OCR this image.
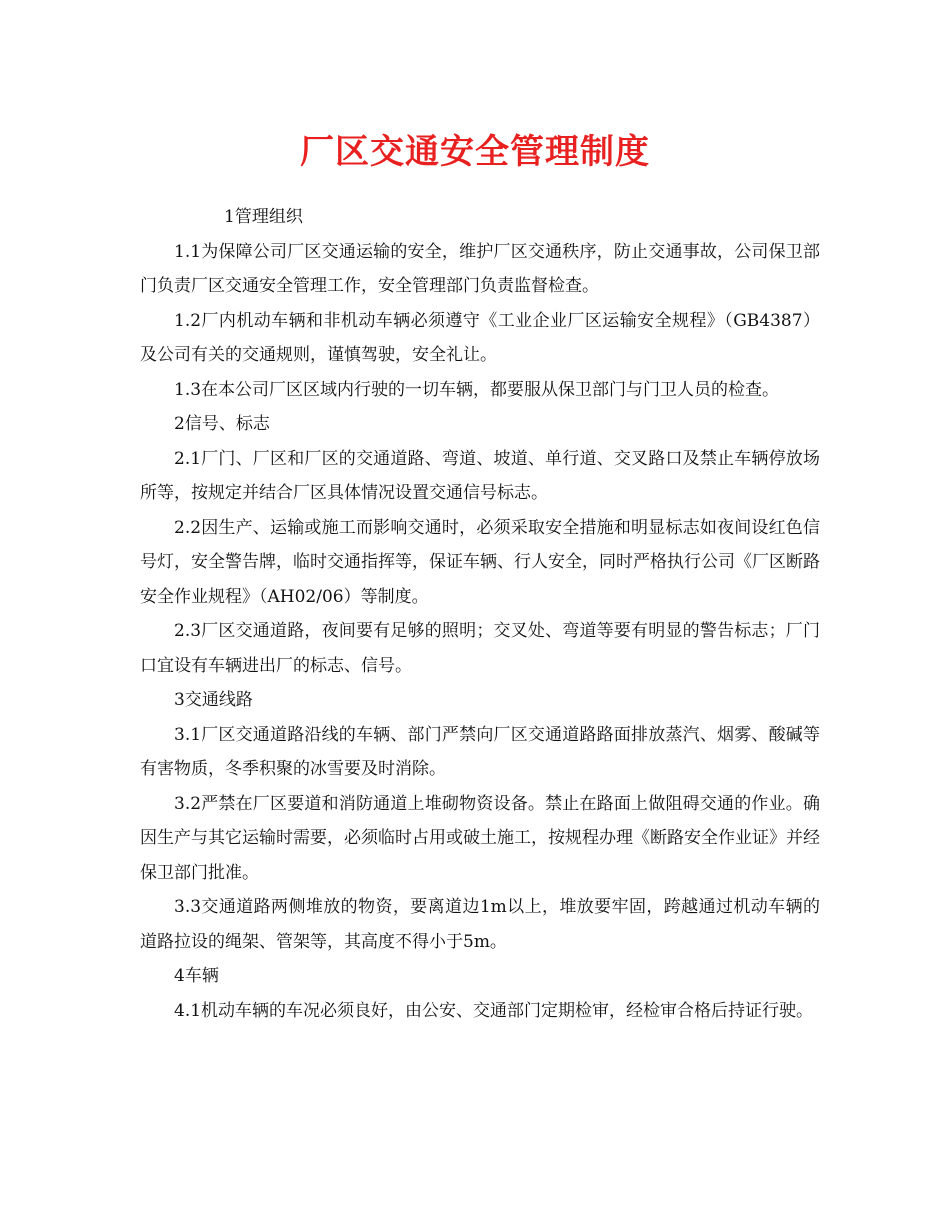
厂区交通安全管理制度

1管理组织

1.1为保障公司厂区交通运输的安全，维护厂区交通秩序，防止交通事故，公司保卫部门负责厂区交通安全管理工作，安全管理部门负责监督检查。

1.2厂内机动车辆和非机动车辆必须遵守《工业企业厂区运输安全规程》（GB4387）及公司有关的交通规则，谨慎驾驶，安全礼让。

1.3在本公司厂区区域内行驶的一切车辆，都要服从保卫部门与门卫人员的检查。

2信号、标志

2.1厂门、厂区和厂区的交通道路、弯道、坡道、单行道、交叉路口及禁止车辆停放场所等，按规定并结合厂区具体情况设置交通信号标志。

2.2因生产、运输或施工而影响交通时，必须采取安全措施和明显标志如夜间设红色信号灯，安全警告牌，临时交通指挥等，保证车辆、行人安全，同时严格执行公司《厂区断路安全作业规程》（AH02/06）等制度。

2.3厂区交通道路，夜间要有足够的照明；交叉处、弯道等要有明显的警告标志；厂门口宜设有车辆进出厂的标志、信号。

3交通线路

3.1厂区交通道路沿线的车辆、部门严禁向厂区交通道路路面排放蒸汽、烟雾、酸碱等有害物质，冬季积聚的冰雪要及时消除。

3.2严禁在厂区要道和消防通道上堆砌物资设备。禁止在路面上做阻碍交通的作业。确因生产与其它运输时需要，必须临时占用或破土施工，按规程办理《断路安全作业证》并经保卫部门批准。

3.3交通道路两侧堆放的物资，要离道边1m以上，堆放要牢固，跨越通过机动车辆的道路拉设的绳架、管架等，其高度不得小于5m。

4车辆

4.1机动车辆的车况必须良好，由公安、交通部门定期检审，经检审合格后持证行驶。
